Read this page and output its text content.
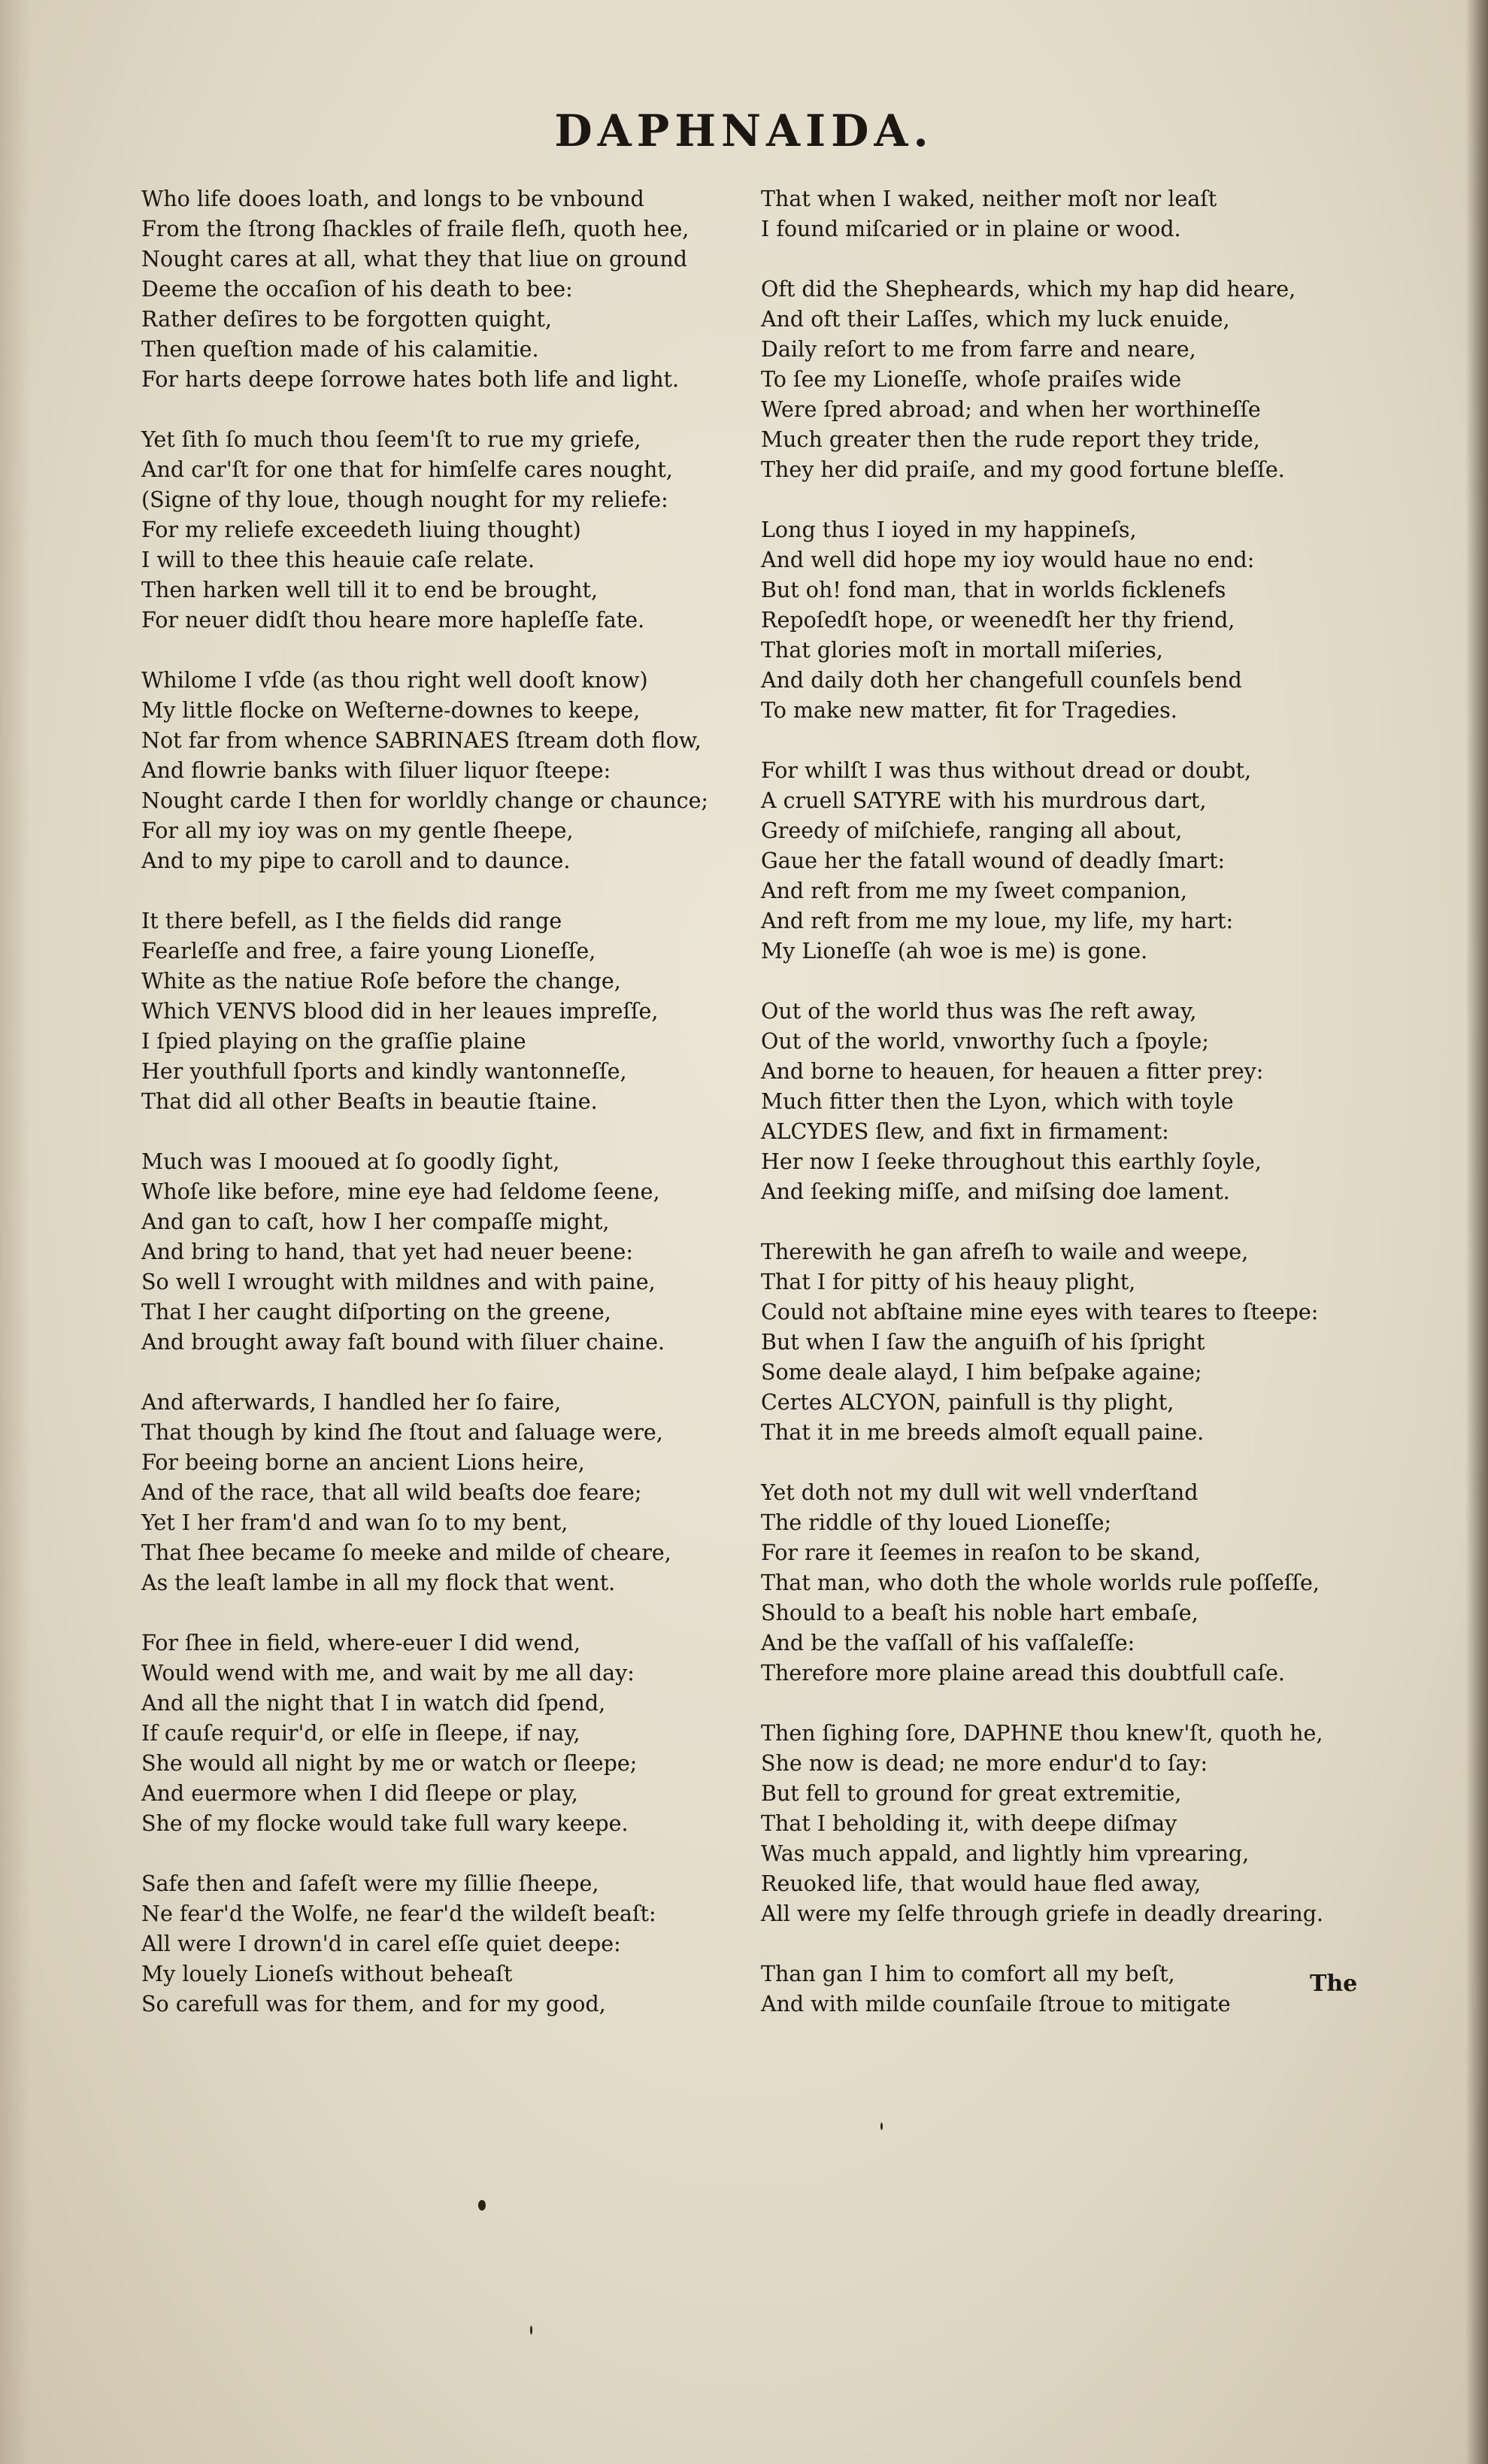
DAPHNAIDA.
Who life dooes loath, and longs to be vnbound
From the ſtrong ſhackles of fraile fleſh, quoth hee,
Nought cares at all, what they that liue on ground
Deeme the occaſion of his death to bee:
Rather deſires to be forgotten quight,
Then queſtion made of his calamitie.
For harts deepe ſorrowe hates both life and light.
Yet ſith ſo much thou ſeem'ſt to rue my griefe,
And car'ſt for one that for himſelfe cares nought,
(Signe of thy loue, though nought for my reliefe:
For my reliefe exceedeth liuing thought)
I will to thee this heauie caſe relate.
Then harken well till it to end be brought,
For neuer didſt thou heare more hapleſſe fate.
Whilome I vſde (as thou right well dooſt know)
My little flocke on Weſterne-downes to keepe,
Not far from whence SABRINAES ſtream doth flow,
And flowrie banks with ſiluer liquor ſteepe:
Nought carde I then for worldly change or chaunce;
For all my ioy was on my gentle ſheepe,
And to my pipe to caroll and to daunce.
It there befell, as I the fields did range
Fearleſſe and free, a faire young Lioneſſe,
White as the natiue Roſe before the change,
Which VENVS blood did in her leaues impreſſe,
I ſpied playing on the graſſie plaine
Her youthfull ſports and kindly wantonneſſe,
That did all other Beaſts in beautie ſtaine.
Much was I mooued at ſo goodly ſight,
Whoſe like before, mine eye had ſeldome ſeene,
And gan to caſt, how I her compaſſe might,
And bring to hand, that yet had neuer beene:
So well I wrought with mildnes and with paine,
That I her caught diſporting on the greene,
And brought away faſt bound with ſiluer chaine.
And afterwards, I handled her ſo faire,
That though by kind ſhe ſtout and ſaluage were,
For beeing borne an ancient Lions heire,
And of the race, that all wild beaſts doe feare;
Yet I her fram'd and wan ſo to my bent,
That ſhee became ſo meeke and milde of cheare,
As the leaſt lambe in all my flock that went.
For ſhee in field, where-euer I did wend,
Would wend with me, and wait by me all day:
And all the night that I in watch did ſpend,
If cauſe requir'd, or elſe in ſleepe, if nay,
She would all night by me or watch or ſleepe;
And euermore when I did ſleepe or play,
She of my flocke would take full wary keepe.
Safe then and ſafeſt were my ſillie ſheepe,
Ne fear'd the Wolfe, ne fear'd the wildeſt beaſt:
All were I drown'd in carel eſſe quiet deepe:
My louely Lioneſs without beheaſt
So carefull was for them, and for my good,
That when I waked, neither moſt nor leaſt
I found miſcaried or in plaine or wood.
Oft did the Shepheards, which my hap did heare,
And oft their Laſſes, which my luck enuide,
Daily reſort to me from farre and neare,
To ſee my Lioneſſe, whoſe praiſes wide
Were ſpred abroad; and when her worthineſſe
Much greater then the rude report they tride,
They her did praiſe, and my good fortune bleſſe.
Long thus I ioyed in my happineſs,
And well did hope my ioy would haue no end:
But oh! fond man, that in worlds ficklenefs
Repoſedſt hope, or weenedſt her thy friend,
That glories moſt in mortall miſeries,
And daily doth her changefull counſels bend
To make new matter, fit for Tragedies.
For whilſt I was thus without dread or doubt,
A cruell SATYRE with his murdrous dart,
Greedy of miſchiefe, ranging all about,
Gaue her the fatall wound of deadly ſmart:
And reft from me my ſweet companion,
And reft from me my loue, my life, my hart:
My Lioneſſe (ah woe is me) is gone.
Out of the world thus was ſhe reft away,
Out of the world, vnworthy ſuch a ſpoyle;
And borne to heauen, for heauen a fitter prey:
Much fitter then the Lyon, which with toyle
ALCYDES ſlew, and fixt in firmament:
Her now I ſeeke throughout this earthly ſoyle,
And ſeeking miſſe, and miſsing doe lament.
Therewith he gan afreſh to waile and weepe,
That I for pitty of his heauy plight,
Could not abſtaine mine eyes with teares to ſteepe:
But when I ſaw the anguiſh of his ſpright
Some deale alayd, I him beſpake againe;
Certes ALCYON, painfull is thy plight,
That it in me breeds almoſt equall paine.
Yet doth not my dull wit well vnderſtand
The riddle of thy loued Lioneſſe;
For rare it ſeemes in reaſon to be skand,
That man, who doth the whole worlds rule poſſeſſe,
Should to a beaſt his noble hart embaſe,
And be the vaſſall of his vaſſaleſſe:
Therefore more plaine aread this doubtfull caſe.
Then ſighing ſore, DAPHNE thou knew'ſt, quoth he,
She now is dead; ne more endur'd to ſay:
But fell to ground for great extremitie,
That I beholding it, with deepe diſmay
Was much appald, and lightly him vprearing,
Reuoked life, that would haue fled away,
All were my ſelfe through griefe in deadly drearing.
Than gan I him to comfort all my beſt,
And with milde counſaile ſtroue to mitigate
The
